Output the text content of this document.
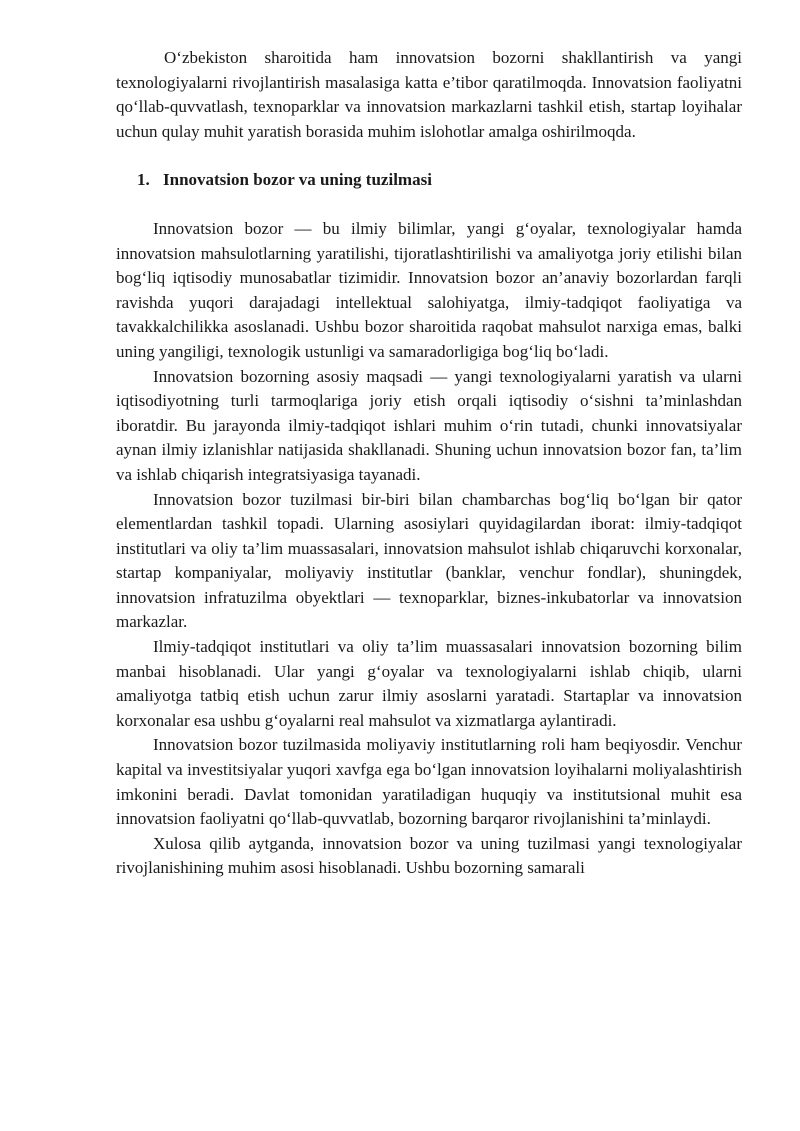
O‘zbekiston sharoitida ham innovatsion bozorni shakllantirish va yangi texnologiyalarni rivojlantirish masalasiga katta e’tibor qaratilmoqda. Innovatsion faoliyatni qo‘llab-quvvatlash, texnoparklar va innovatsion markazlarni tashkil etish, startap loyihalar uchun qulay muhit yaratish borasida muhim islohotlar amalga oshirilmoqda.

1. Innovatsion bozor va uning tuzilmasi

Innovatsion bozor — bu ilmiy bilimlar, yangi g‘oyalar, texnologiyalar hamda innovatsion mahsulotlarning yaratilishi, tijoratlashtirilishi va amaliyotga joriy etilishi bilan bog‘liq iqtisodiy munosabatlar tizimidir. Innovatsion bozor an’anaviy bozorlardan farqli ravishda yuqori darajadagi intellektual salohiyatga, ilmiy-tadqiqot faoliyatiga va tavakkalchilikka asoslanadi. Ushbu bozor sharoitida raqobat mahsulot narxiga emas, balki uning yangiligi, texnologik ustunligi va samaradorligiga bog‘liq bo‘ladi.

Innovatsion bozorning asosiy maqsadi — yangi texnologiyalarni yaratish va ularni iqtisodiyotning turli tarmoqlariga joriy etish orqali iqtisodiy o‘sishni ta’minlashdan iboratdir. Bu jarayonda ilmiy-tadqiqot ishlari muhim o‘rin tutadi, chunki innovatsiyalar aynan ilmiy izlanishlar natijasida shakllanadi. Shuning uchun innovatsion bozor fan, ta’lim va ishlab chiqarish integratsiyasiga tayanadi.

Innovatsion bozor tuzilmasi bir-biri bilan chambarchas bog‘liq bo‘lgan bir qator elementlardan tashkil topadi. Ularning asosiylari quyidagilardan iborat: ilmiy-tadqiqot institutlari va oliy ta’lim muassasalari, innovatsion mahsulot ishlab chiqaruvchi korxonalar, startap kompaniyalar, moliyaviy institutlar (banklar, venchur fondlar), shuningdek, innovatsion infratuzilma obyektlari — texnoparklar, biznes-inkubatorlar va innovatsion markazlar.

Ilmiy-tadqiqot institutlari va oliy ta’lim muassasalari innovatsion bozorning bilim manbai hisoblanadi. Ular yangi g‘oyalar va texnologiyalarni ishlab chiqib, ularni amaliyotga tatbiq etish uchun zarur ilmiy asoslarni yaratadi. Startaplar va innovatsion korxonalar esa ushbu g‘oyalarni real mahsulot va xizmatlarga aylantiradi.

Innovatsion bozor tuzilmasida moliyaviy institutlarning roli ham beqiyosdir. Venchur kapital va investitsiyalar yuqori xavfga ega bo‘lgan innovatsion loyihalarni moliyalashtirish imkonini beradi. Davlat tomonidan yaratiladigan huquqiy va institutsional muhit esa innovatsion faoliyatni qo‘llab-quvvatlab, bozorning barqaror rivojlanishini ta’minlaydi.

Xulosa qilib aytganda, innovatsion bozor va uning tuzilmasi yangi texnologiyalar rivojlanishining muhim asosi hisoblanadi. Ushbu bozorning samarali
